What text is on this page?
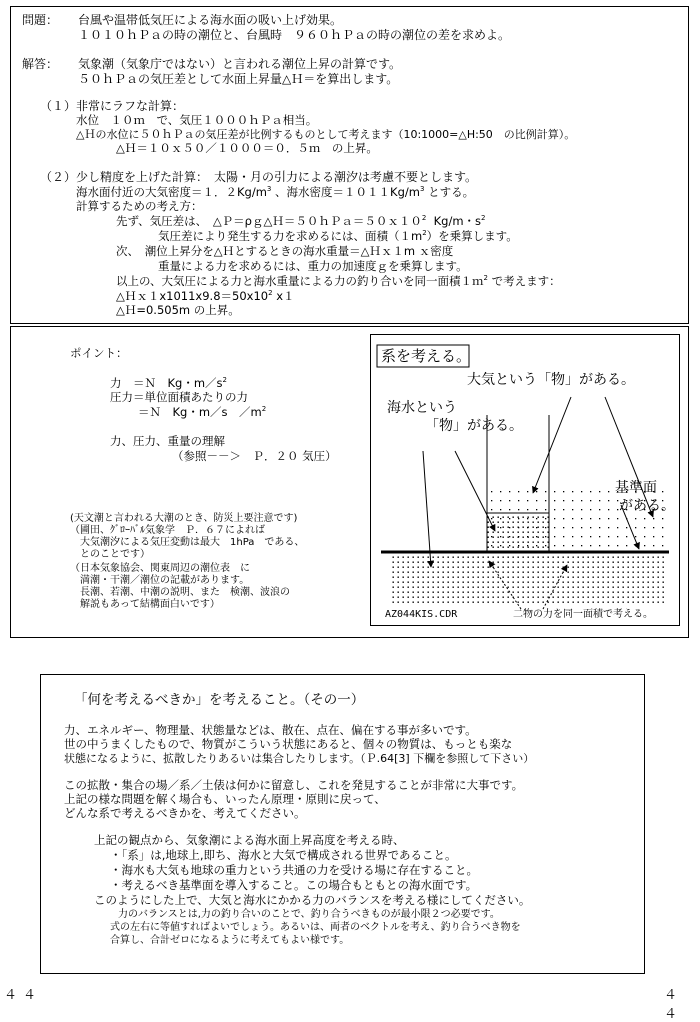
問題： 台風や温帯低気圧による海水面の吸い上げ効果。
１０１０ｈＰａの時の潮位と、台風時　９６０ｈＰａの時の潮位の差を求めよ。
解答： 気象潮（気象庁ではない）と言われる潮位上昇の計算です。
５０ｈＰａの気圧差として水面上昇量△Ｈ＝を算出します。
（１）非常にラフな計算：
水位　１０ｍ　で、気圧１０００ｈＰａ相当。
△Ｈの水位に５０ｈＰａの気圧差が比例するものとして考えます（10:1000=△H:50　の比例計算）。
△Ｈ＝１０ｘ５０／１０００＝０．５ｍ　の上昇。
（２）少し精度を上げた計算：　太陽・月の引力による潮汐は考慮不要とします。
海水面付近の大気密度＝１．$2Kg/m^3$ 、海水密度$=1011Kg/m^3$ とする。
計算するための考え方：
先ず、気圧差は、　$\triangle P=\rho g\triangle H=50hPa=50x10^2$ Kg/m・$s^2$
気圧差により発生する力を求めるには、面積$(1m^2)$を乗算します。
次、　潮位上昇分を△Ｈとするときの海水重量＝△Ｈｘ１m ｘ密度
重量による力を求めるには、重力の加速度ｇを乗算します。
以上の、大気圧による力と海水重量による力の釣り合いを同一面積１ｍ$^2$ で考えます：
$\triangle Hx1x1011x9.8=50x10^2$ x１
△Ｈ=0.505m の上昇。
ポイント：
力　＝Ｎ　Kg・$m/s^2$
圧力＝単位面積あたりの力
＝Ｎ　Kg・m／s　$/m^2$
力、圧力、重量の理解
（参照－－＞　Ｐ．２０ 気圧）
(天文潮と言われる大潮のとき、防災上要注意です)
（圃田、ｸﾞﾛｰﾊﾞﾙ気象学　Ｐ．６７によれば
　大気潮汐による気圧変動は最大　1hPa　である、
　とのことです）
（日本気象協会、関東周辺の潮位表　に
　満潮・干潮／潮位の記載があります。
　長潮、若潮、中潮の説明、また　検潮、波浪の
　解説もあって結構面白いです）
系を考える。
大気という「物」がある。
海水という
「物」がある。
基準面
がある。
AZ044KIS.CDR	二物の力を同一面積で考える。
「何を考えるべきか」を考えること。（その一）
力、エネルギー、物理量、状態量などは、散在、点在、偏在する事が多いです。
世の中うまくしたもので、物質がこういう状態にあると、個々の物質は、もっとも楽な
状態になるように、拡散したりあるいは集合したりします。（Ｐ.64[3] 下欄を参照して下さい）
この拡散・集合の場／系／土俵は何かに留意し、これを発見することが非常に大事です。
上記の様な問題を解く場合も、いったん原理・原則に戻って、
どんな系で考えるべきかを、考えてください。
上記の観点から、気象潮による海水面上昇高度を考える時、
・「系」は,地球上,即ち、海水と大気で構成される世界であること。
・海水も大気も地球の重力という共通の力を受ける場に存在すること。
・考えるべき基準面を導入すること。この場合もともとの海水面です。
このようにした上で、大気と海水にかかる力のバランスを考える様にしてください。
力のバランスとは,力の釣り合いのことで、釣り合うべきものが最小限２つ必要です。
式の左右に等値すればよいでしょう。あるいは、両者のベクトルを考え、釣り合うべき物を
合算し、合計ゼロになるように考えてもよい様です。
４４	４４
